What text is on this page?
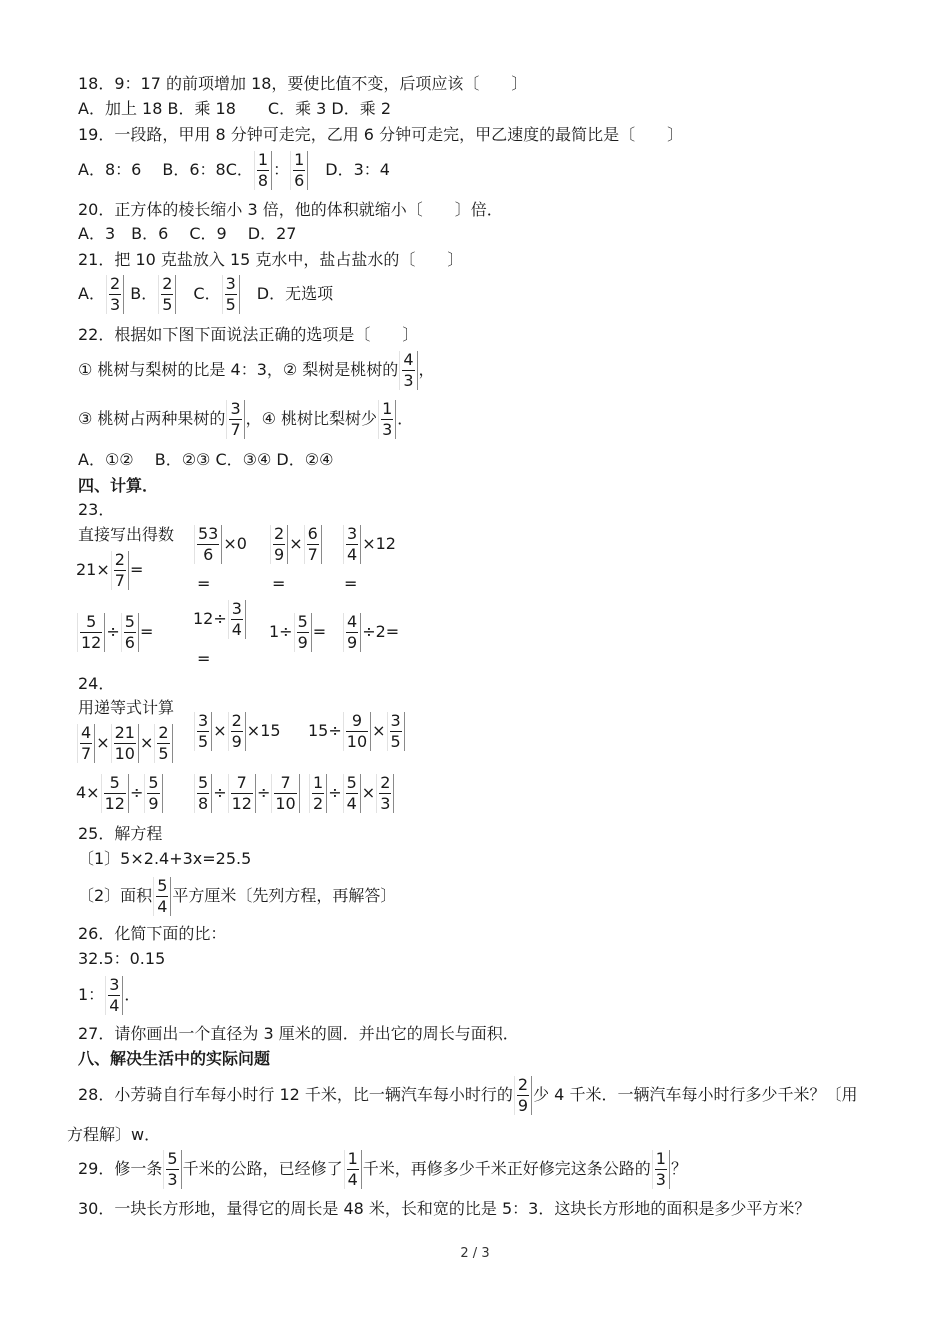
18．9：17 的前项增加 18，要使比值不变，后项应该〔　　〕
A．加上 18 B．乘 18　　C．乘 3 D．乘 2
19．一段路，甲用 8 分钟可走完，乙用 6 分钟可走完，甲乙速度的最简比是〔　　〕
A．8：6　 B．6：8C． $\frac{1}{8}$ ： $\frac{1}{6}$ 　D．3：4
20．正方体的棱长缩小 3 倍，他的体积就缩小〔　　〕倍．
A．3　B．6　 C．9　 D．27
21．把 10 克盐放入 15 克水中，盐占盐水的〔　　〕
A． $\frac{2}{3}$ B． $\frac{2}{5}$ 　C． $\frac{3}{5}$ 　D．无选项
22．根据如下图下面说法正确的选项是〔　　〕
① 桃树与梨树的比是 4：3，② 梨树是桃树的 $\frac{4}{3}$ ，
③ 桃树占两种果树的 $\frac{3}{7}$ ，④ 桃树比梨树少 $\frac{1}{3}$ ．
A．①②　 B．②③ C．③④ D．②④
四、计算．
23．
直接写出得数 $\frac{53}{6} \times 0 \frac{2}{9} \times \frac{6}{7} \frac{3}{4} \times 12$
$21\times \frac{2}{7}$ =
=	=	=
$\frac{5}{12} \div \frac{5}{6}$ =
$12\div \frac{3}{4}$
=
$1\div \frac{5}{9} = \frac{4}{9} \div 2=$
24．
用递等式计算
$\frac{4}{7} \times \frac{21}{10} \times \frac{2}{5} \frac{3}{5} \times \frac{2}{9} \times 15$ $15\div \frac{9}{10} \times \frac{3}{5}$
$4\times \frac{5}{12} \div \frac{5}{9} \frac{5}{8} \div \frac{7}{12} \div \frac{7}{10} \frac{1}{2} \div \frac{5}{4} \times \frac{2}{3}$
25．解方程
〔1〕5×2.4+3x=25.5
〔2〕面积 $\frac{5}{4}$ 平方厘米〔先列方程，再解答〕
26．化简下面的比：
32.5：0.15
1： $\frac{3}{4}$ ．
27．请你画出一个直径为 3 厘米的圆．并出它的周长与面积．
八、解决生活中的实际问题
28．小芳骑自行车每小时行 12 千米，比一辆汽车每小时行的 $\frac{2}{9}$ 少 4 千米．一辆汽车每小时行多少千米？〔用
方程解〕w．
29．修一条 $\frac{5}{3}$ 千米的公路，已经修了 $\frac{1}{4}$ 千米，再修多少千米正好修完这条公路的 $\frac{1}{3}$ ？
30．一块长方形地，量得它的周长是 48 米，长和宽的比是 5：3．这块长方形地的面积是多少平方米？
2 / 3
